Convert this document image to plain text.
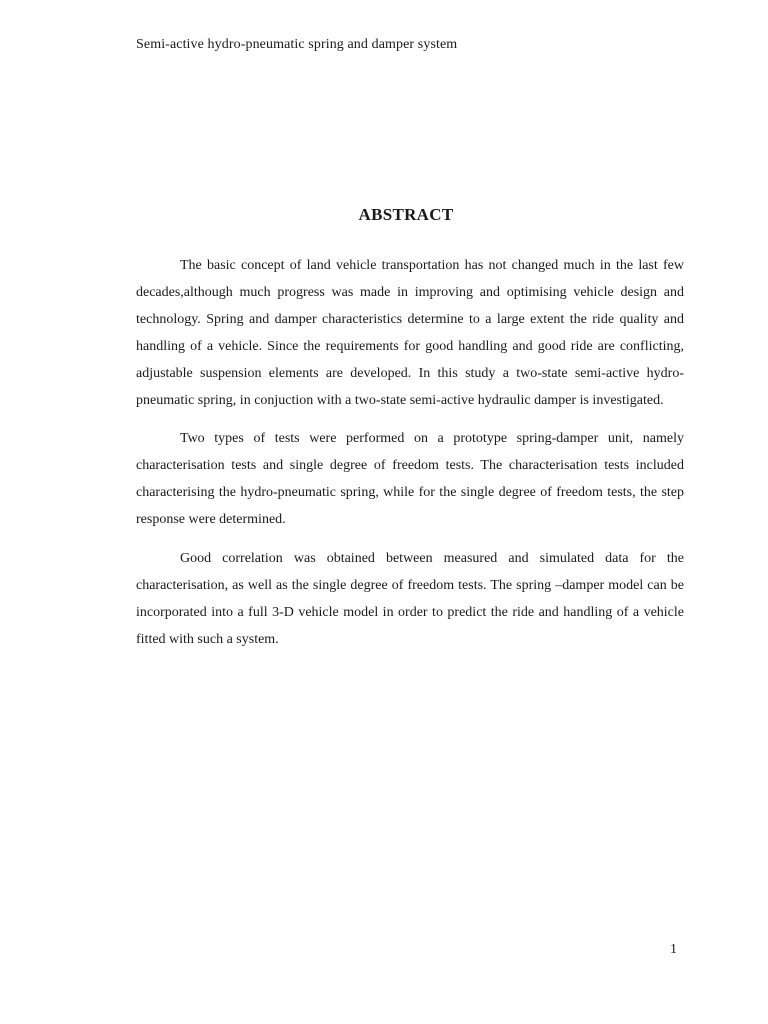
Semi-active hydro-pneumatic spring and damper system
ABSTRACT

The basic concept of land vehicle transportation has not changed much in the last few decades,although much progress was made in improving and optimising vehicle design and technology. Spring and damper characteristics determine to a large extent the ride quality and handling of a vehicle. Since the requirements for good handling and good ride are conflicting, adjustable suspension elements are developed. In this study a two-state semi-active hydro-pneumatic spring, in conjuction with a two-state semi-active hydraulic damper is investigated.

Two types of tests were performed on a prototype spring-damper unit, namely characterisation tests and single degree of freedom tests. The characterisation tests included characterising the hydro-pneumatic spring, while for the single degree of freedom tests, the step response were determined.

Good correlation was obtained between measured and simulated data for the characterisation, as well as the single degree of freedom tests. The spring –damper model can be incorporated into a full 3-D vehicle model in order to predict the ride and handling of a vehicle fitted with such a system.

1
